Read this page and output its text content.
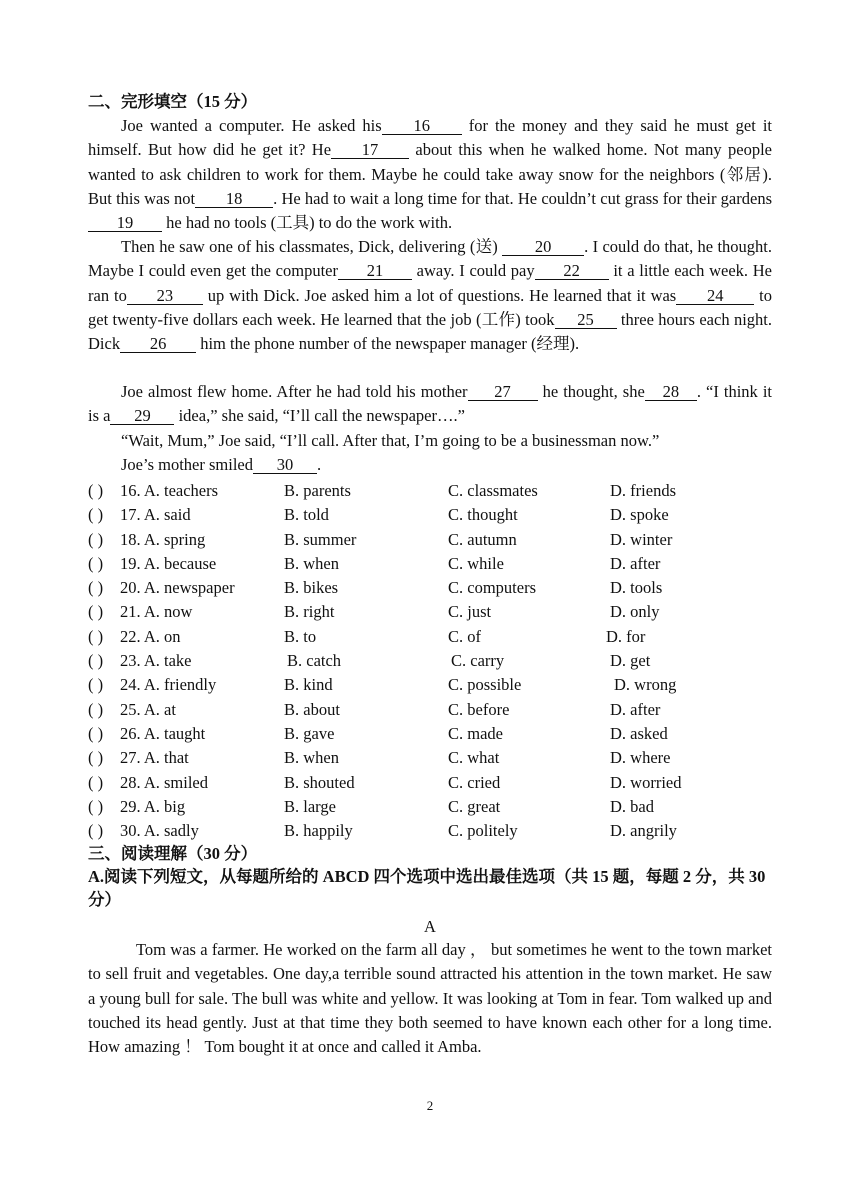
二、完形填空（15 分）

Joe wanted a computer. He asked his 16 for the money and they said he must get it himself. But how did he get it? He 17 about this when he walked home. Not many people wanted to ask children to work for them. Maybe he could take away snow for the neighbors (邻居). But this was not 18 . He had to wait a long time for that. He couldn’t cut grass for their gardens 19 he had no tools (工具) to do the work with.

Then he saw one of his classmates, Dick, delivering (送) 20 . I could do that, he thought. Maybe I could even get the computer 21 away. I could pay 22 it a little each week. He ran to 23 up with Dick. Joe asked him a lot of questions. He learned that it was 24 to get twenty-five dollars each week. He learned that the job (工作) took 25 three hours each night. Dick 26 him the phone number of the newspaper manager (经理).

Joe almost flew home. After he had told his mother 27 he thought, she 28 . “I think it is a 29 idea,” she said, “I’ll call the newspaper….”

“Wait, Mum,” Joe said, “I’ll call. After that, I’m going to be a businessman now.”

Joe’s mother smiled 30 .

( ) 16. A. teachers	B. parents	C. classmates	D. friends
( ) 17. A. said	B. told	C. thought	D. spoke
( ) 18. A. spring	B. summer	C. autumn	D. winter
( ) 19. A. because	B. when	C. while	D. after
( ) 20. A. newspaper	B. bikes	C. computers	D. tools
( ) 21. A. now	B. right	C. just	D. only
( ) 22. A. on	B. to	C. of	D. for
( ) 23. A. take	B. catch	C. carry	D. get
( ) 24. A. friendly	B. kind	C. possible	D. wrong
( ) 25. A. at	B. about	C. before	D. after
( ) 26. A. taught	B. gave	C. made	D. asked
( ) 27. A. that	B. when	C. what	D. where
( ) 28. A. smiled	B. shouted	C. cried	D. worried
( ) 29. A. big	B. large	C. great	D. bad
( ) 30. A. sadly	B. happily	C. politely	D. angrily
三、阅读理解（30 分）

A.阅读下列短文，从每题所给的 ABCD 四个选项中选出最佳选项（共 15 题，每题 2 分，共 30 分）

A

Tom was a farmer. He worked on the farm all day ， but sometimes he went to the town market to sell fruit and vegetables. One day,a terrible sound attracted his attention in the town market. He saw a young bull for sale. The bull was white and yellow. It was looking at Tom in fear. Tom walked up and touched its head gently. Just at that time they both seemed to have known each other for a long time. How amazing ！ Tom bought it at once and called it Amba.

2
